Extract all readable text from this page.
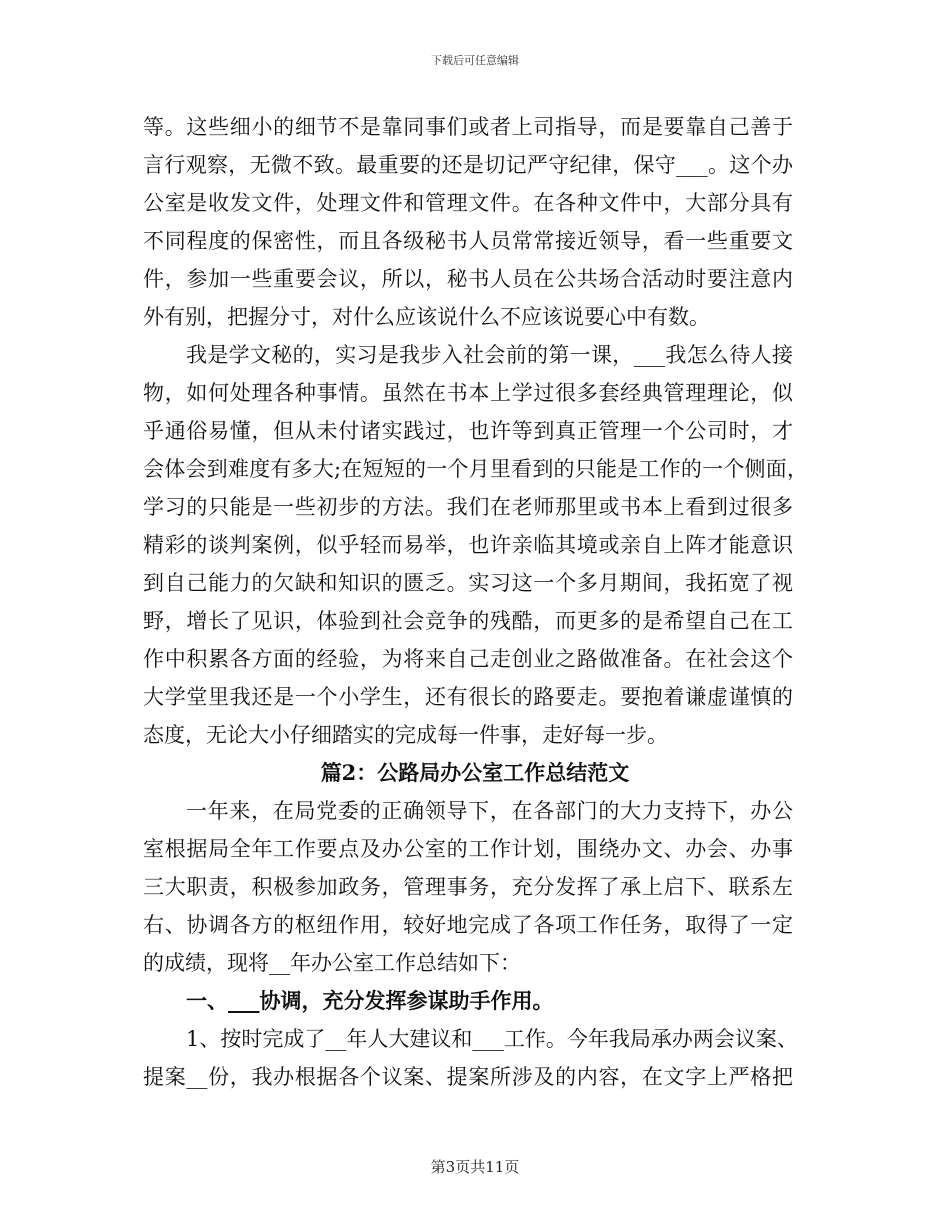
下载后可任意编辑
等。这些细小的细节不是靠同事们或者上司指导，而是要靠自己善于
言行观察，无微不致。最重要的还是切记严守纪律，保守___。这个办
公室是收发文件，处理文件和管理文件。在各种文件中，大部分具有
不同程度的保密性，而且各级秘书人员常常接近领导，看一些重要文
件，参加一些重要会议，所以，秘书人员在公共场合活动时要注意内
外有别，把握分寸，对什么应该说什么不应该说要心中有数。
我是学文秘的，实习是我步入社会前的第一课，___我怎么待人接
物，如何处理各种事情。虽然在书本上学过很多套经典管理理论，似
乎通俗易懂，但从未付诸实践过，也许等到真正管理一个公司时，才
会体会到难度有多大;在短短的一个月里看到的只能是工作的一个侧面，
学习的只能是一些初步的方法。我们在老师那里或书本上看到过很多
精彩的谈判案例，似乎轻而易举，也许亲临其境或亲自上阵才能意识
到自己能力的欠缺和知识的匮乏。实习这一个多月期间，我拓宽了视
野，增长了见识，体验到社会竞争的残酷，而更多的是希望自己在工
作中积累各方面的经验，为将来自己走创业之路做准备。在社会这个
大学堂里我还是一个小学生，还有很长的路要走。要抱着谦虚谨慎的
态度，无论大小仔细踏实的完成每一件事，走好每一步。
篇2：公路局办公室工作总结范文
一年来，在局党委的正确领导下，在各部门的大力支持下，办公
室根据局全年工作要点及办公室的工作计划，围绕办文、办会、办事
三大职责，积极参加政务，管理事务，充分发挥了承上启下、联系左
右、协调各方的枢纽作用，较好地完成了各项工作任务，取得了一定
的成绩，现将__年办公室工作总结如下：
一、___协调，充分发挥参谋助手作用。
1、按时完成了__年人大建议和___工作。今年我局承办两会议案、
提案__份，我办根据各个议案、提案所涉及的内容，在文字上严格把
第3页共11页
